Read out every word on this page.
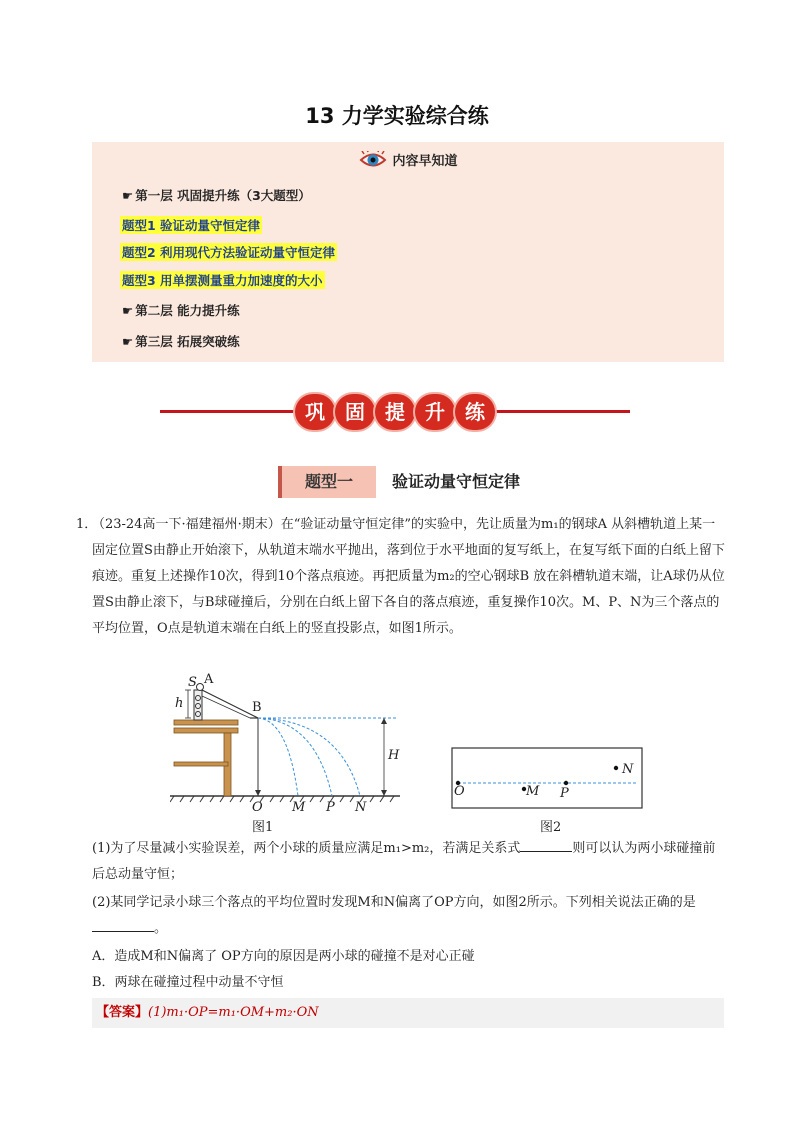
13 力学实验综合练
内容早知道
☛ 第一层 巩固提升练（3大题型）
题型1 验证动量守恒定律
题型2 利用现代方法验证动量守恒定律
题型3 用单摆测量重力加速度的大小
☛ 第二层 能力提升练
☛ 第三层 拓展突破练
巩	固	提	升	练
题型一	验证动量守恒定律
1．

（23-24高一下·福建福州·期末）在“验证动量守恒定律”的实验中，先让质量为m₁的钢球A 从斜槽轨道上某一固定位置S由静止开始滚下，从轨道末端水平抛出，落到位于水平地面的复写纸上，在复写纸下面的白纸上留下痕迹。重复上述操作10次，得到10个落点痕迹。再把质量为m₂的空心钢球B 放在斜槽轨道末端，让A球仍从位置S由静止滚下，与B球碰撞后，分别在白纸上留下各自的落点痕迹，重复操作10次。M、P、N为三个落点的平均位置，O点是轨道末端在白纸上的竖直投影点，如图1所示。

S A
h	B
H
O M P N
图1
O	M P
N
图2
(1)为了尽量减小实验误差，两个小球的质量应满足m₁>m₂，若满足关系式	则可以认为两小球碰撞前后总动量守恒；
(2)某同学记录小球三个落点的平均位置时发现M和N偏离了OP方向，如图2所示。下列相关说法正确的是。
A．造成M和N偏离了 OP方向的原因是两小球的碰撞不是对心正碰
B．两球在碰撞过程中动量不守恒
【答案】(1)m₁·OP=m₁·OM+m₂·ON
